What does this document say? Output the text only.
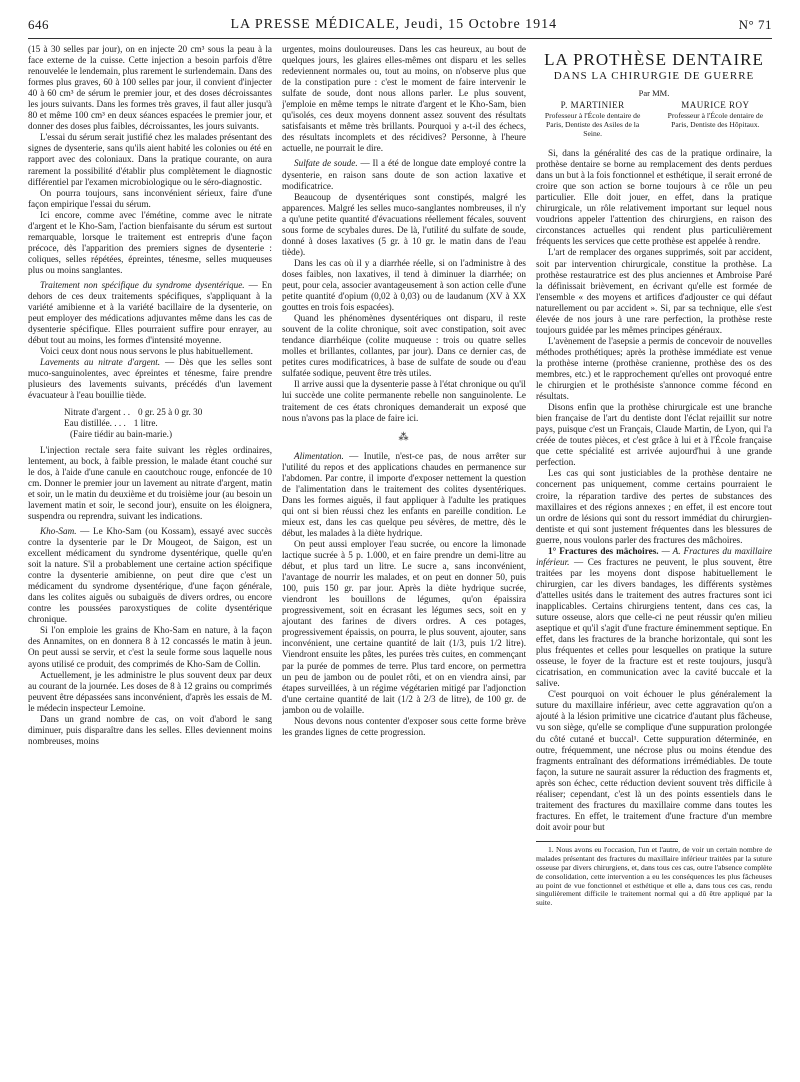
646	LA PRESSE MÉDICALE, Jeudi, 15 Octobre 1914	N° 71

(15 à 30 selles par jour), on en injecte 20 cm³ sous la peau à la face externe de la cuisse. Cette injection a besoin parfois d'être renouvelée le lendemain, plus rarement le surlendemain. Dans des formes plus graves, 60 à 100 selles par jour, il convient d'injecter 40 à 60 cm³ de sérum le premier jour, et des doses décroissantes les jours suivants. Dans les formes très graves, il faut aller jusqu'à 80 et même 100 cm³ en deux séances espacées le premier jour, et donner des doses plus faibles, décroissantes, les jours suivants.

L'essai du sérum serait justifié chez les malades présentant des signes de dysenterie, sans qu'ils aient habité les colonies ou été en rapport avec des coloniaux. Dans la pratique courante, on aura rarement la possibilité d'établir plus complètement le diagnostic différentiel par l'examen microbiologique ou le séro-diagnostic.

On pourra toujours, sans inconvénient sérieux, faire d'une façon empirique l'essai du sérum.

Ici encore, comme avec l'émétine, comme avec le nitrate d'argent et le Kho-Sam, l'action bienfaisante du sérum est surtout remarquable, lorsque le traitement est entrepris d'une façon précoce, dès l'apparition des premiers signes de dysenterie : coliques, selles répétées, épreintes, ténesme, selles muqueuses plus ou moins sanglantes.

Traitement non spécifique du syndrome dysentérique. — En dehors de ces deux traitements spécifiques, s'appliquant à la variété amibienne et à la variété bacillaire de la dysenterie, on peut employer des médications adjuvantes même dans les cas de dysenterie spécifique. Elles pourraient suffire pour enrayer, au début tout au moins, les formes d'intensité moyenne.

Voici ceux dont nous nous servons le plus habituellement.

Lavements au nitrate d'argent. — Dès que les selles sont muco-sanguinolentes, avec épreintes et ténesme, faire prendre plusieurs des lavements suivants, précédés d'un lavement évacuateur à l'eau bouillie tiède.

Nitrate d'argent . . 0 gr. 25 à 0 gr. 30
Eau distillée. . . . 1 litre.
(Faire tiédir au bain-marie.)

L'injection rectale sera faite suivant les règles ordinaires, lentement, au bock, à faible pression, le malade étant couché sur le dos, à l'aide d'une canule en caoutchouc rouge, enfoncée de 10 cm. Donner le premier jour un lavement au nitrate d'argent, matin et soir, un le matin du deuxième et du troisième jour (au besoin un lavement matin et soir, le second jour), ensuite on les éloignera, suspendra ou reprendra, suivant les indications.

Kho-Sam. — Le Kho-Sam (ou Kossam), essayé avec succès contre la dysenterie par le Dr Mougeot, de Saigon, est un excellent médicament du syndrome dysentérique, quelle qu'en soit la nature. S'il a probablement une certaine action spécifique contre la dysenterie amibienne, on peut dire que c'est un médicament du syndrome dysentérique, d'une façon générale, dans les colites aiguës ou subaiguës de divers ordres, ou encore contre les poussées paroxystiques de colite dysentérique chronique.

Si l'on emploie les grains de Kho-Sam en nature, à la façon des Annamites, on en donnera 8 à 12 concassés le matin à jeun. On peut aussi se servir, et c'est la seule forme sous laquelle nous ayons utilisé ce produit, des comprimés de Kho-Sam de Collin.

Actuellement, je les administre le plus souvent deux par deux au courant de la journée. Les doses de 8 à 12 grains ou comprimés peuvent être dépassées sans inconvénient, d'après les essais de M. le médecin inspecteur Lemoine.

Dans un grand nombre de cas, on voit d'abord le sang diminuer, puis disparaître dans les selles. Elles deviennent moins nombreuses, moins

urgentes, moins douloureuses. Dans les cas heureux, au bout de quelques jours, les glaires elles-mêmes ont disparu et les selles redeviennent normales ou, tout au moins, on n'observe plus que de la constipation pure : c'est le moment de faire intervenir le sulfate de soude, dont nous allons parler. Le plus souvent, j'emploie en même temps le nitrate d'argent et le Kho-Sam, bien qu'isolés, ces deux moyens donnent assez souvent des résultats satisfaisants et même très brillants. Pourquoi y a-t-il des échecs, des résultats incomplets et des récidives? Personne, à l'heure actuelle, ne pourrait le dire.

Sulfate de soude. — Il a été de longue date employé contre la dysenterie, en raison sans doute de son action laxative et modificatrice.

Beaucoup de dysentériques sont constipés, malgré les apparences. Malgré les selles muco-sanglantes nombreuses, il n'y a qu'une petite quantité d'évacuations réellement fécales, souvent sous forme de scybales dures. De là, l'utilité du sulfate de soude, donné à doses laxatives (5 gr. à 10 gr. le matin dans de l'eau tiède).

Dans les cas où il y a diarrhée réelle, si on l'administre à des doses faibles, non laxatives, il tend à diminuer la diarrhée; on peut, pour cela, associer avantageusement à son action celle d'une petite quantité d'opium (0,02 à 0,03) ou de laudanum (XV à XX gouttes en trois fois espacées).

Quand les phénomènes dysentériques ont disparu, il reste souvent de la colite chronique, soit avec constipation, soit avec tendance diarrhéique (colite muqueuse : trois ou quatre selles molles et brillantes, collantes, par jour). Dans ce dernier cas, de petites cures modificatrices, à base de sulfate de soude ou d'eau sulfatée sodique, peuvent être très utiles.

Il arrive aussi que la dysenterie passe à l'état chronique ou qu'il lui succède une colite permanente rebelle non sanguinolente. Le traitement de ces états chroniques demanderait un exposé que nous n'avons pas la place de faire ici.

⁂

Alimentation. — Inutile, n'est-ce pas, de nous arrêter sur l'utilité du repos et des applications chaudes en permanence sur l'abdomen. Par contre, il importe d'exposer nettement la question de l'alimentation dans le traitement des colites dysentériques. Dans les formes aiguës, il faut appliquer à l'adulte les pratiques qui ont si bien réussi chez les enfants en pareille condition. Le mieux est, dans les cas quelque peu sévères, de mettre, dès le début, les malades à la diète hydrique.

On peut aussi employer l'eau sucrée, ou encore la limonade lactique sucrée à 5 p. 1.000, et en faire prendre un demi-litre au début, et plus tard un litre. Le sucre a, sans inconvénient, l'avantage de nourrir les malades, et on peut en donner 50, puis 100, puis 150 gr. par jour. Après la diète hydrique sucrée, viendront les bouillons de légumes, qu'on épaissira progressivement, soit en écrasant les légumes secs, soit en y ajoutant des farines de divers ordres. A ces potages, progressivement épaissis, on pourra, le plus souvent, ajouter, sans inconvénient, une certaine quantité de lait (1/3, puis 1/2 litre). Viendront ensuite les pâtes, les purées très cuites, en commençant par la purée de pommes de terre. Plus tard encore, on permettra un peu de jambon ou de poulet rôti, et on en viendra ainsi, par étapes surveillées, à un régime végétarien mitigé par l'adjonction d'une certaine quantité de lait (1/2 à 2/3 de litre), de 100 gr. de jambon ou de volaille.

Nous devons nous contenter d'exposer sous cette forme brève les grandes lignes de cette progression.

LA PROTHÈSE DENTAIRE
DANS LA CHIRURGIE DE GUERRE
Par MM.
P. MARTINIER
Professeur à l'École dentaire de Paris, Dentiste des Asiles de la Seine.
MAURICE ROY
Professeur à l'École dentaire de Paris, Dentiste des Hôpitaux.

Si, dans la généralité des cas de la pratique ordinaire, la prothèse dentaire se borne au remplacement des dents perdues dans un but à la fois fonctionnel et esthétique, il serait erroné de croire que son action se borne toujours à ce rôle un peu particulier. Elle doit jouer, en effet, dans la pratique chirurgicale, un rôle relativement important sur lequel nous voudrions appeler l'attention des chirurgiens, en raison des circonstances actuelles qui rendent plus particulièrement fréquents les services que cette prothèse est appelée à rendre.

L'art de remplacer des organes supprimés, soit par accident, soit par intervention chirurgicale, constitue la prothèse. La prothèse restauratrice est des plus anciennes et Ambroise Paré la définissait brièvement, en écrivant qu'elle est formée de l'ensemble « des moyens et artifices d'adjouster ce qui défaut naturellement ou par accident ». Si, par sa technique, elle s'est élevée de nos jours à une rare perfection, la prothèse reste toujours guidée par les mêmes principes généraux.

L'avènement de l'asepsie a permis de concevoir de nouvelles méthodes prothétiques; après la prothèse immédiate est venue la prothèse interne (prothèse cranienne, prothèse des os des membres, etc.) et le rapprochement qu'elles ont provoqué entre le chirurgien et le prothésiste s'annonce comme fécond en résultats.

Disons enfin que la prothèse chirurgicale est une branche bien française de l'art du dentiste dont l'éclat rejaillit sur notre pays, puisque c'est un Français, Claude Martin, de Lyon, qui l'a créée de toutes pièces, et c'est grâce à lui et à l'École française que cette spécialité est arrivée aujourd'hui à une grande perfection.

Les cas qui sont justiciables de la prothèse dentaire ne concernent pas uniquement, comme certains pourraient le croire, la réparation tardive des pertes de substances des maxillaires et des régions annexes ; en effet, il est encore tout un ordre de lésions qui sont du ressort immédiat du chirurgien-dentiste et qui sont justement fréquentes dans les blessures de guerre, nous voulons parler des fractures des mâchoires.

1° Fractures des mâchoires. — A. Fractures du maxillaire inférieur. — Ces fractures ne peuvent, le plus souvent, être traitées par les moyens dont dispose habituellement le chirurgien, car les divers bandages, les différents systèmes d'attelles usités dans le traitement des autres fractures sont ici inapplicables. Certains chirurgiens tentent, dans ces cas, la suture osseuse, alors que celle-ci ne peut réussir qu'en milieu aseptique et qu'il s'agit d'une fracture éminemment septique. En effet, dans les fractures de la branche horizontale, qui sont les plus fréquentes et celles pour lesquelles on pratique la suture osseuse, le foyer de la fracture est et reste toujours, jusqu'à cicatrisation, en communication avec la cavité buccale et la salive.

C'est pourquoi on voit échouer le plus généralement la suture du maxillaire inférieur, avec cette aggravation qu'on a ajouté à la lésion primitive une cicatrice d'autant plus fâcheuse, vu son siège, qu'elle se complique d'une suppuration prolongée du côté cutané et buccal¹. Cette suppuration déterminée, en outre, fréquemment, une nécrose plus ou moins étendue des fragments entraînant des déformations irrémédiables. De toute façon, la suture ne saurait assurer la réduction des fragments et, après son échec, cette réduction devient souvent très difficile à réaliser; cependant, c'est là un des points essentiels dans le traitement des fractures du maxillaire comme dans toutes les fractures. En effet, le traitement d'une fracture d'un membre doit avoir pour but

1. Nous avons eu l'occasion, l'un et l'autre, de voir un certain nombre de malades présentant des fractures du maxillaire inférieur traitées par la suture osseuse par divers chirurgiens, et, dans tous ces cas, outre l'absence complète de consolidation, cette intervention a eu les conséquences les plus fâcheuses au point de vue fonctionnel et esthétique et elle a, dans tous ces cas, rendu singulièrement difficile le traitement normal qui a dû être appliqué par la suite.
